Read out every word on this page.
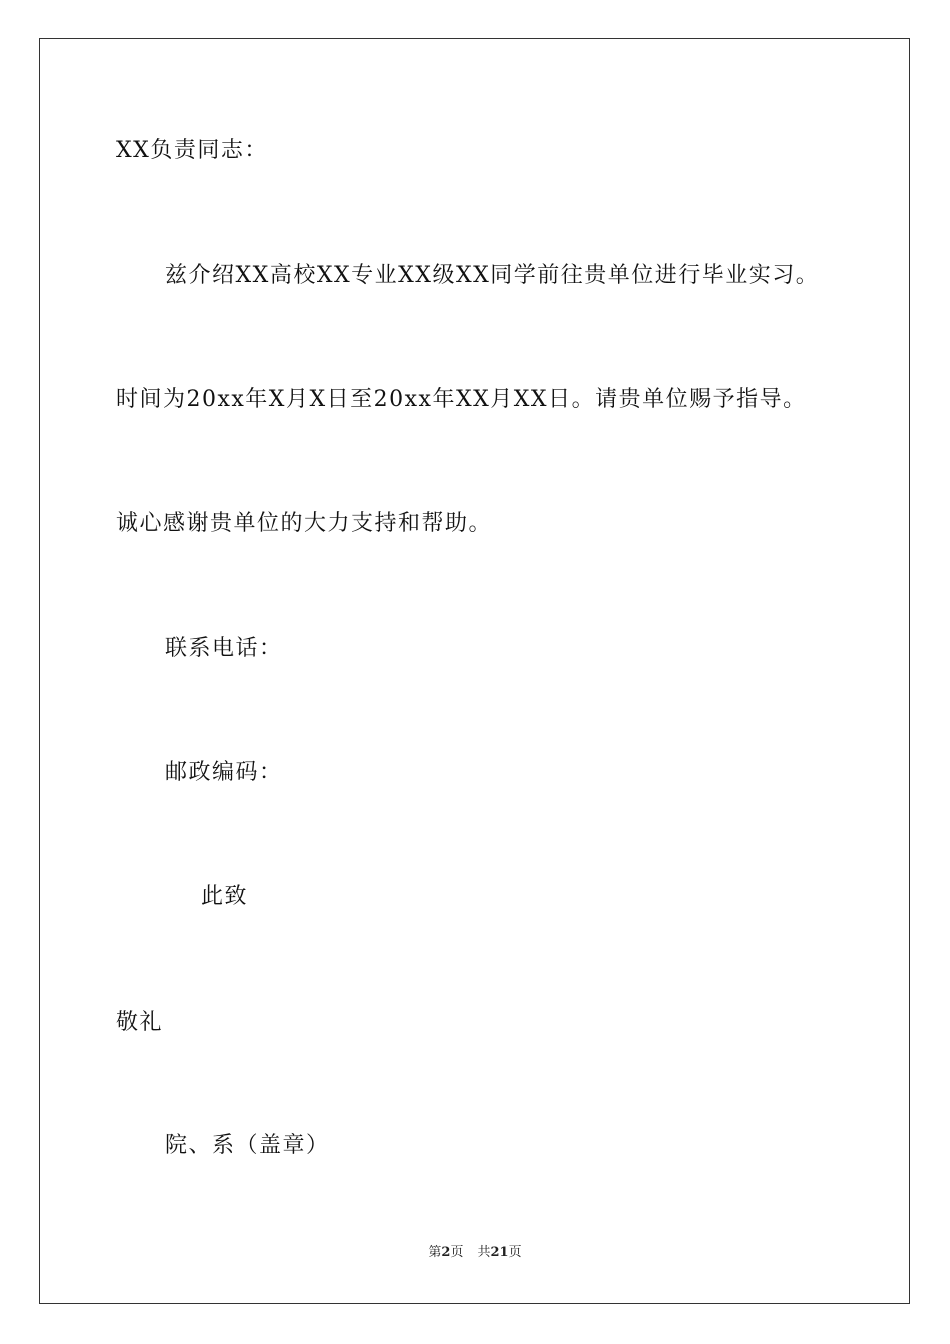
XX负责同志：
兹介绍XX高校XX专业XX级XX同学前往贵单位进行毕业实习。
时间为20xx年X月X日至20xx年XX月XX日。请贵单位赐予指导。
诚心感谢贵单位的大力支持和帮助。
联系电话：
邮政编码：
此致
敬礼
院、系（盖章）
第2页 共21页
